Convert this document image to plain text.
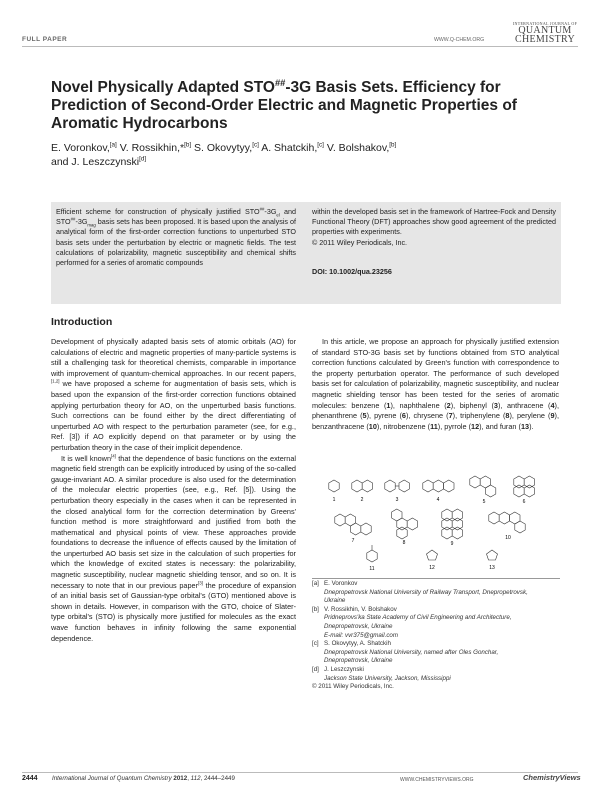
FULL PAPER	WWW.Q-CHEM.ORG
INTERNATIONAL JOURNAL OF
QUANTUM
CHEMISTRY
Novel Physically Adapted STO##-3G Basis Sets. Efficiency for Prediction of Second-Order Electric and Magnetic Properties of Aromatic Hydrocarbons
E. Voronkov,[a] V. Rossikhin,*[b] S. Okovytyy,[c] A. Shatckih,[c] V. Bolshakov,[b]
and J. Leszczynski[d]
Efficient scheme for construction of physically justified $STO^{\#\#}-3G_{el}$ and $STO^{\#\#}-3G_{mag}$ basis sets has been proposed. It is based upon the analysis of analytical form of the first-order correction functions to unperturbed STO basis sets under the perturbation by electric or magnetic fields. The test calculations of polarizability, magnetic susceptibility and chemical shifts performed for a series of aromatic compounds
within the developed basis set in the framework of Hartree-Fock and Density Functional Theory (DFT) approaches show good agreement of the predicted properties with experiments.
© 2011 Wiley Periodicals, Inc.
DOI: 10.1002/qua.23256
Introduction

Development of physically adapted basis sets of atomic orbitals (AO) for calculations of electric and magnetic properties of many-particle systems is still a challenging task for theoretical chemists, comparable in importance with improvement of quantum-chemical approaches. In our recent papers,[1,2] we have proposed a scheme for augmentation of basis sets, which is based upon the expansion of the first-order correction functions obtained applying perturbation theory for AO, on the unperturbed basis functions. Such corrections can be found either by the direct differentiating of unperturbed AO with respect to the perturbation parameter (see, for e.g., Ref. [3]) if AO explicitly depend on that parameter or by using the perturbation theory in the case of their implicit dependence.

It is well known[4] that the dependence of basic functions on the external magnetic field strength can be explicitly introduced by using of the so-called gauge-invariant AO. A similar procedure is also used for the determination of the molecular electric properties (see, e.g., Ref. [5]). Using the perturbation theory especially in the cases when it can be represented in the closed analytical form for the correction determination by Greens' function method is more straightforward and justified from both the mathematical and physical points of view. These approaches provide foundations to decrease the influence of effects caused by the limitation of the unperturbed AO basis set size in the calculation of such properties for which the knowledge of excited states is necessary: the polarizability, magnetic susceptibility, nuclear magnetic shielding tensor, and so on. It is necessary to note that in our previous paper[3] the procedure of expansion of an initial basis set of Gaussian-type orbital's (GTO) mentioned above is shown in details. However, in comparison with the GTO, choice of Slater-type orbital's (STO) is physically more justified for molecules as the exact wave function behaves in infinity following the same exponential dependence.

In this article, we propose an approach for physically justified extension of standard STO-3G basis set by functions obtained from STO analytical correction functions calculated by Green's function with correspondence to the property perturbation operator. The performance of such developed basis set for calculation of polarizability, magnetic susceptibility, and nuclear magnetic shielding tensor has been tested for the series of aromatic molecules: benzene (1), naphthalene (2), biphenyl (3), anthracene (4), phenanthrene (5), pyrene (6), chrysene (7), triphenylene (8), perylene (9), benzanthracene (10), nitrobenzene (11), pyrrole (12), and furan (13).

1	2	3	4	5	6
7	8	9
10
11	12	13
[a] E. Voronkov
Dnepropetrovsk National University of Railway Transport, Dnepropetrovsk,
Ukraine
[b] V. Rossikhin, V. Bolshakov
Pridneprovs'ka State Academy of Civil Engineering and Architecture,
Dnepropetrovsk, Ukraine
E-mail: vvr375@gmail.com
[c] S. Okovytyy, A. Shatckih
Dnepropetrovsk National University, named after Oles Gonchar,
Dnepropetrovsk, Ukraine
[d] J. Leszczynski
Jackson State University, Jackson, Mississippi
© 2011 Wiley Periodicals, Inc.
2444 International Journal of Quantum Chemistry 2012, 112, 2444–2449	WWW.CHEMISTRYVIEWS.ORG	ChemistryViews
